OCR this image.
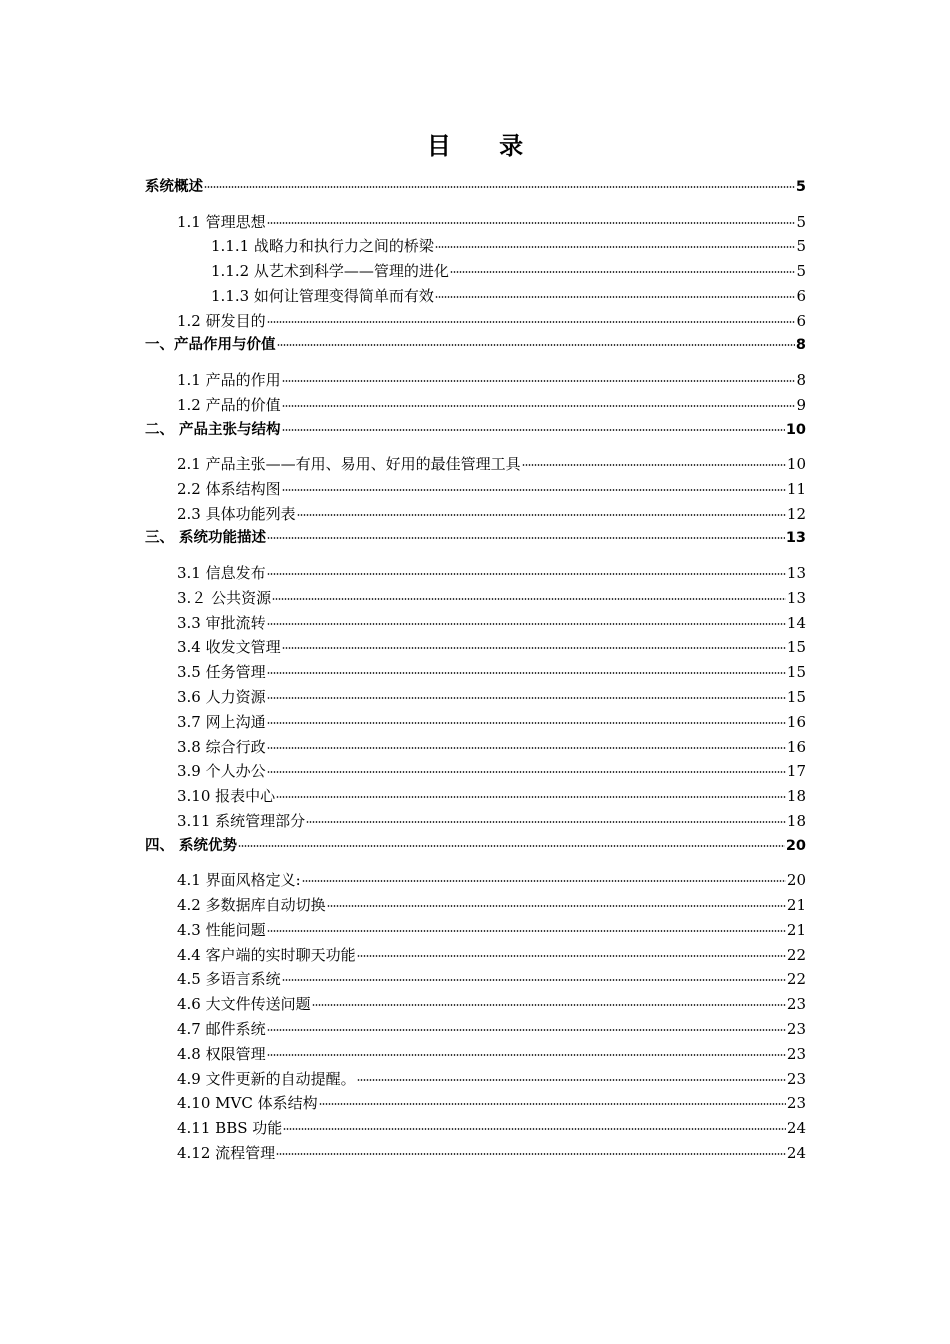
目 录
系统概述	5
1.1 管理思想	5
1.1.1 战略力和执行力之间的桥梁	5
1.1.2 从艺术到科学——管理的进化	5
1.1.3 如何让管理变得简单而有效	6
1.2 研发目的	6
一、产品作用与价值	8
1.1 产品的作用	8
1.2 产品的价值	9
二、 产品主张与结构	10
2.1 产品主张——有用、易用、好用的最佳管理工具	10
2.2 体系结构图	11
2.3 具体功能列表	12
三、 系统功能描述	13
3.1 信息发布	13
3.２ 公共资源	13
3.3 审批流转	14
3.4 收发文管理	15
3.5 任务管理	15
3.6 人力资源	15
3.7 网上沟通	16
3.8 综合行政	16
3.9 个人办公	17
3.10 报表中心	18
3.11 系统管理部分	18
四、 系统优势	20
4.1 界面风格定义:	20
4.2 多数据库自动切换	21
4.3 性能问题	21
4.4 客户端的实时聊天功能	22
4.5 多语言系统	22
4.6 大文件传送问题	23
4.7 邮件系统	23
4.8 权限管理	23
4.9 文件更新的自动提醒。	23
4.10 MVC 体系结构	23
4.11 BBS 功能	24
4.12 流程管理	24
